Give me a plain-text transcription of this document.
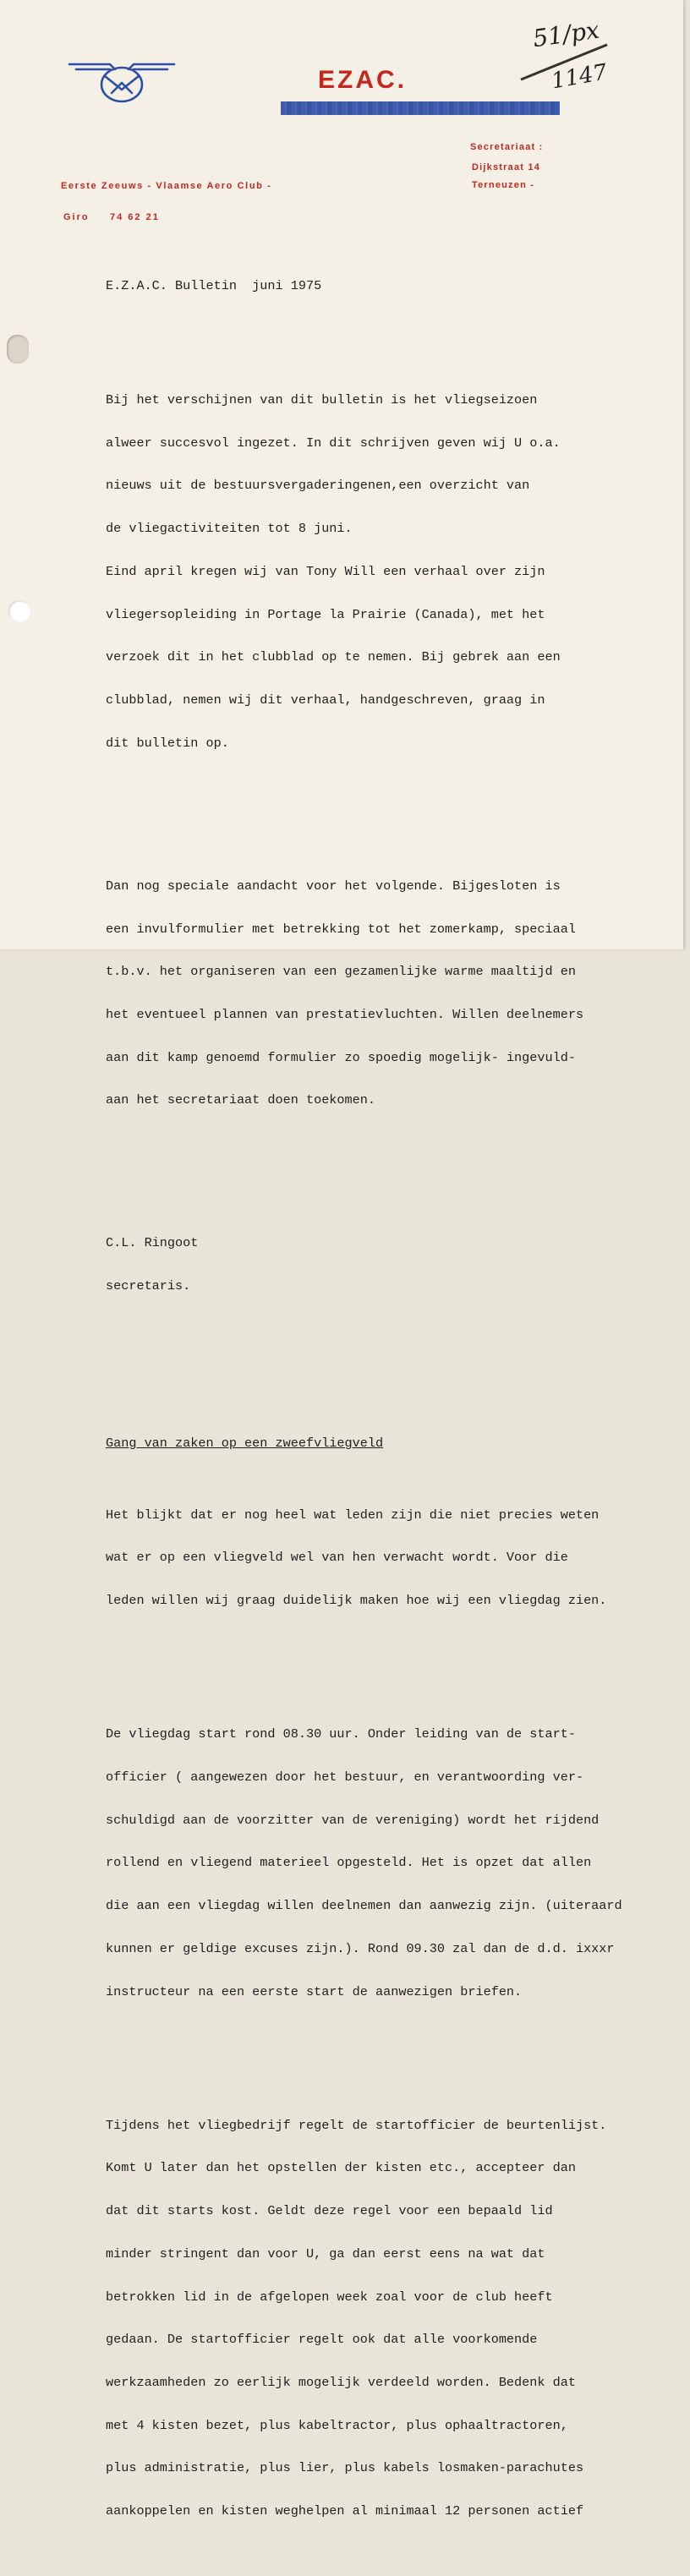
EZAC.
Secretariaat :
Dijkstraat 14
Terneuzen -
Eerste Zeeuws - Vlaamse Aero Club -
Giro 74 62 21
51/px
1147

E.Z.A.C. Bulletin  juni 1975

Bij het verschijnen van dit bulletin is het vliegseizoen

alweer succesvol ingezet. In dit schrijven geven wij U o.a.

nieuws uit de bestuursvergaderingenen,een overzicht van

de vliegactiviteiten tot 8 juni.

Eind april kregen wij van Tony Will een verhaal over zijn

vliegersopleiding in Portage la Prairie (Canada), met het

verzoek dit in het clubblad op te nemen. Bij gebrek aan een

clubblad, nemen wij dit verhaal, handgeschreven, graag in

dit bulletin op.

Dan nog speciale aandacht voor het volgende. Bijgesloten is

een invulformulier met betrekking tot het zomerkamp, speciaal

t.b.v. het organiseren van een gezamenlijke warme maaltijd en

het eventueel plannen van prestatievluchten. Willen deelnemers

aan dit kamp genoemd formulier zo spoedig mogelijk- ingevuld-

aan het secretariaat doen toekomen.

C.L. Ringoot

secretaris.

Gang van zaken op een zweefvliegveld

Het blijkt dat er nog heel wat leden zijn die niet precies weten

wat er op een vliegveld wel van hen verwacht wordt. Voor die

leden willen wij graag duidelijk maken hoe wij een vliegdag zien.

De vliegdag start rond 08.30 uur. Onder leiding van de start-

officier ( aangewezen door het bestuur, en verantwoording ver-

schuldigd aan de voorzitter van de vereniging) wordt het rijdend

rollend en vliegend materieel opgesteld. Het is opzet dat allen

die aan een vliegdag willen deelnemen dan aanwezig zijn. (uiteraard

kunnen er geldige excuses zijn.). Rond 09.30 zal dan de d.d. ixxxr

instructeur na een eerste start de aanwezigen briefen.

Tijdens het vliegbedrijf regelt de startofficier de beurtenlijst.

Komt U later dan het opstellen der kisten etc., accepteer dan

dat dit starts kost. Geldt deze regel voor een bepaald lid

minder stringent dan voor U, ga dan eerst eens na wat dat

betrokken lid in de afgelopen week zoal voor de club heeft

gedaan. De startofficier regelt ook dat alle voorkomende

werkzaamheden zo eerlijk mogelijk verdeeld worden. Bedenk dat

met 4 kisten bezet, plus kabeltractor, plus ophaaltractoren,

plus administratie, plus lier, plus kabels losmaken-parachutes

aankoppelen en kisten weghelpen al minimaal 12 personen actief
